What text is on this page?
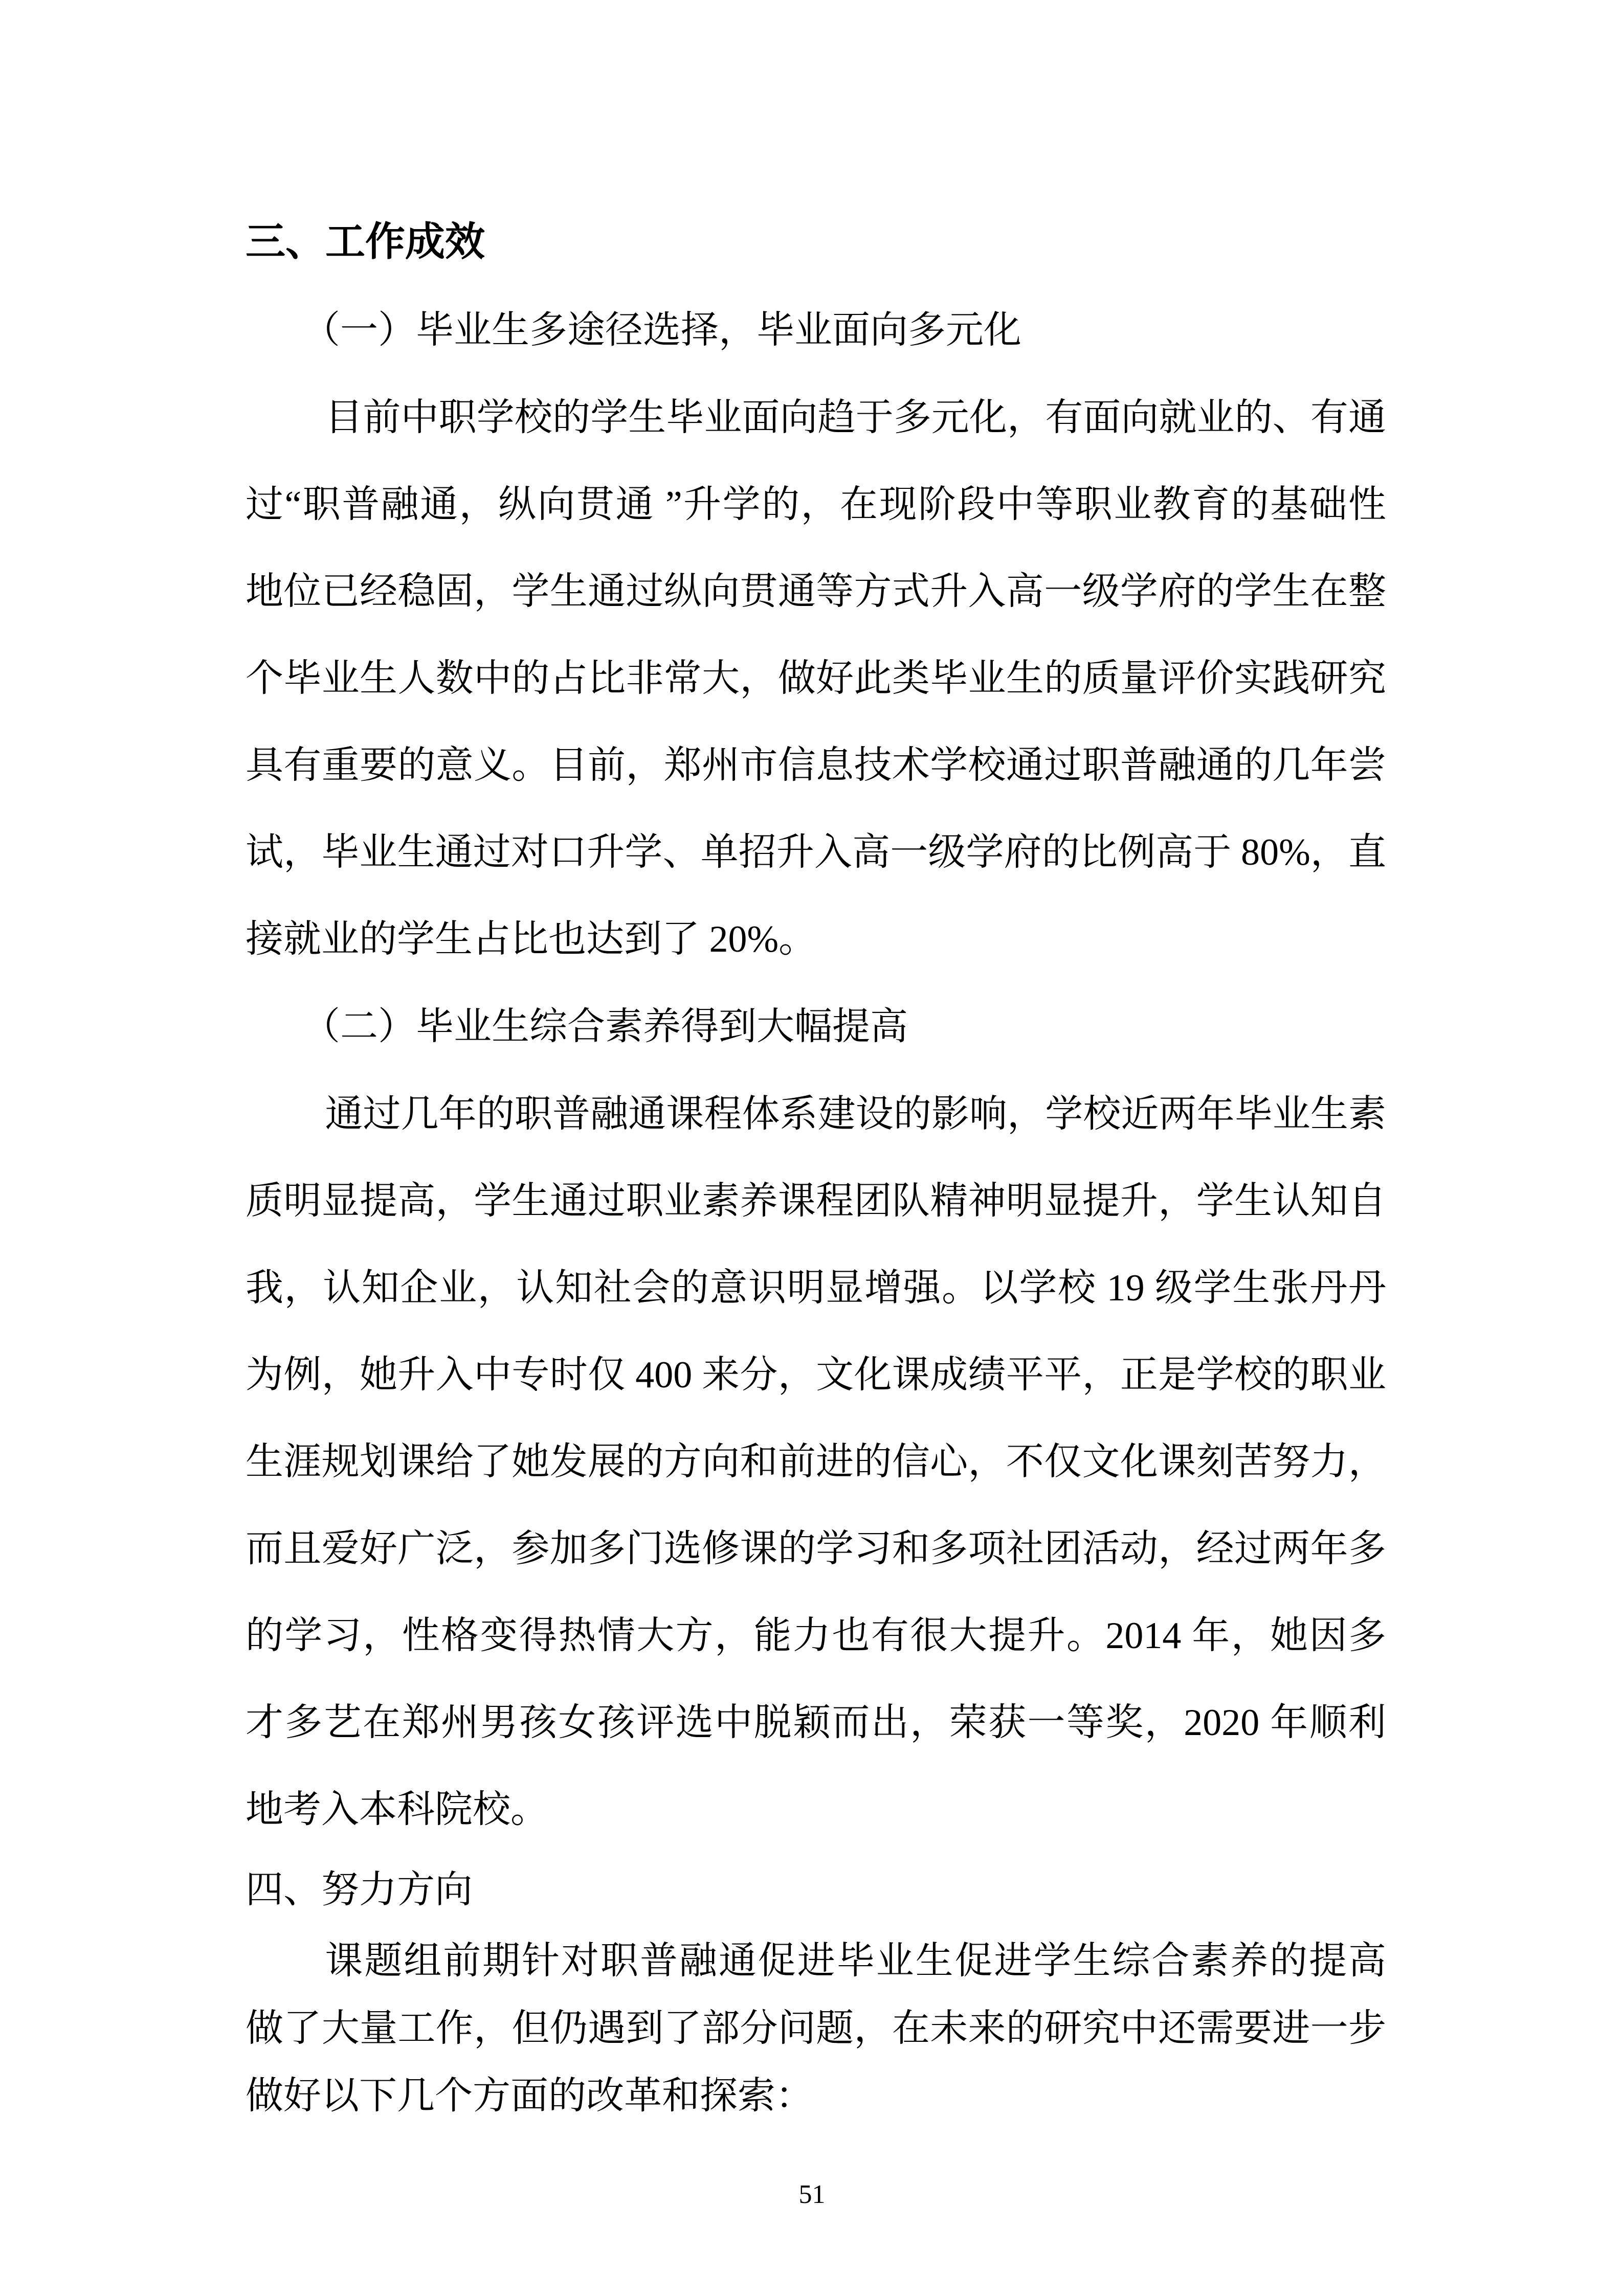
三、工作成效
（一）毕业生多途径选择，毕业面向多元化
目前中职学校的学生毕业面向趋于多元化，有面向就业的、有通
过“职普融通，纵向贯通 ”升学的，在现阶段中等职业教育的基础性
地位已经稳固，学生通过纵向贯通等方式升入高一级学府的学生在整
个毕业生人数中的占比非常大，做好此类毕业生的质量评价实践研究
具有重要的意义。目前，郑州市信息技术学校通过职普融通的几年尝
试，毕业生通过对口升学、单招升入高一级学府的比例高于 80%，直
接就业的学生占比也达到了 20%。
（二）毕业生综合素养得到大幅提高
通过几年的职普融通课程体系建设的影响，学校近两年毕业生素
质明显提高，学生通过职业素养课程团队精神明显提升，学生认知自
我，认知企业，认知社会的意识明显增强。以学校 19 级学生张丹丹
为例，她升入中专时仅 400 来分，文化课成绩平平，正是学校的职业
生涯规划课给了她发展的方向和前进的信心，不仅文化课刻苦努力，
而且爱好广泛，参加多门选修课的学习和多项社团活动，经过两年多
的学习，性格变得热情大方，能力也有很大提升。2014 年，她因多
才多艺在郑州男孩女孩评选中脱颖而出，荣获一等奖，2020 年顺利
地考入本科院校。
四、努力方向
课题组前期针对职普融通促进毕业生促进学生综合素养的提高
做了大量工作，但仍遇到了部分问题，在未来的研究中还需要进一步
做好以下几个方面的改革和探索：
51
